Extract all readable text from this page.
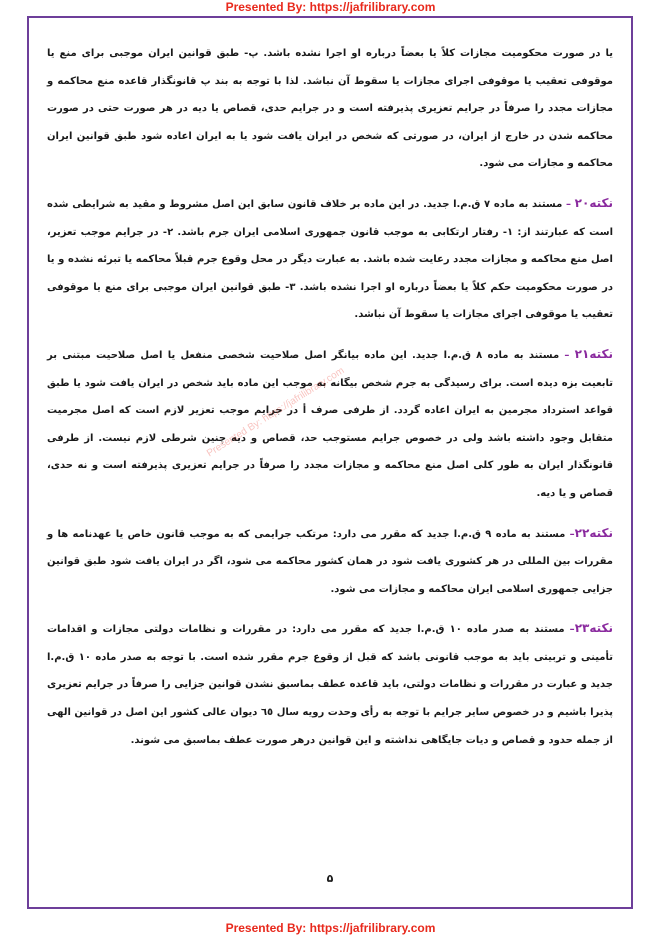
Presented By: https://jafrilibrary.com

یا در صورت محکومیت مجازات کلاً یا بعضاً درباره او اجرا نشده باشد. پ- طبق قوانین ایران موجبی برای منع یا موقوفی تعقیب یا موقوفی اجرای مجازات یا سقوط آن نباشد. لذا با توجه به بند پ قانونگذار قاعده منع محاکمه و مجازات مجدد را صرفاً در جرایم تعزیری پذیرفته است و در جرایم حدی، قصاص یا دیه در هر صورت حتی در صورت محاکمه شدن در خارج از ایران، در صورتی که شخص در ایران یافت شود یا به ایران اعاده شود طبق قوانین ایران محاکمه و مجازات می شود.

نکته۲۰ – مستند به ماده ۷ ق.م.ا جدید. در این ماده بر خلاف قانون سابق این اصل مشروط و مقید به شرایطی شده است که عبارتند از: ۱- رفتار ارتکابی به موجب قانون جمهوری اسلامی ایران جرم باشد. ۲- در جرایم موجب تعزیر، اصل منع محاکمه و مجازات مجدد رعایت شده باشد. به عبارت دیگر در محل وقوع جرم قبلاً محاکمه یا تبرئه نشده و یا در صورت محکومیت حکم کلاً یا بعضاً درباره او اجرا نشده باشد. ۳- طبق قوانین ایران موجبی برای منع یا موقوفی تعقیب یا موقوفی اجرای مجازات یا سقوط آن نباشد.

نکته۲۱ – مستند به ماده ۸ ق.م.ا جدید. این ماده بیانگر اصل صلاحیت شخصی منفعل یا اصل صلاحیت مبتنی بر تابعیت بزه دیده است. برای رسیدگی به جرم شخص بیگانه به موجب این ماده باید شخص در ایران یافت شود یا طبق قواعد استرداد مجرمین به ایران اعاده گردد. از طرفی صرف أ در جرایم موجب تعزیر لازم است که اصل مجرمیت متقابل وجود داشته باشد ولی در خصوص جرایم مستوجب حد، قصاص و دیه چنین شرطی لازم نیست. از طرفی قانونگذار ایران به طور کلی اصل منع محاکمه و مجازات مجدد را صرفاً در جرایم تعزیری پذیرفته است و نه حدی، قصاص و یا دیه.

نکته۲۲– مستند به ماده ۹ ق.م.ا جدید که مقرر می دارد: مرتکب جرایمی که به موجب قانون خاص یا عهدنامه ها و مقررات بین المللی در هر کشوری یافت شود در همان کشور محاکمه می شود، اگر در ایران یافت شود طبق قوانین جزایی جمهوری اسلامی ایران محاکمه و مجازات می شود.

نکته۲۳– مستند به صدر ماده ۱۰ ق.م.ا جدید که مقرر می دارد: در مقررات و نظامات دولتی مجازات و اقدامات تأمینی و تربیتی باید به موجب قانونی باشد که قبل از وقوع جرم مقرر شده است. با توجه به صدر ماده ۱۰ ق.م.ا جدید و عبارت در مقررات و نظامات دولتی، باید قاعده عطف بماسبق نشدن قوانین جزایی را صرفاً در جرایم تعزیری پذیرا باشیم و در خصوص سایر جرایم با توجه به رأی وحدت رویه سال ٦٥ دیوان عالی کشور این اصل در قوانین الهی از جمله حدود و قصاص و دیات جایگاهی نداشته و این قوانین درهر صورت عطف بماسبق می شوند.

۵
Presented By: https://jafrilibrary.com
Presented By: https://jafrilibrary.com
